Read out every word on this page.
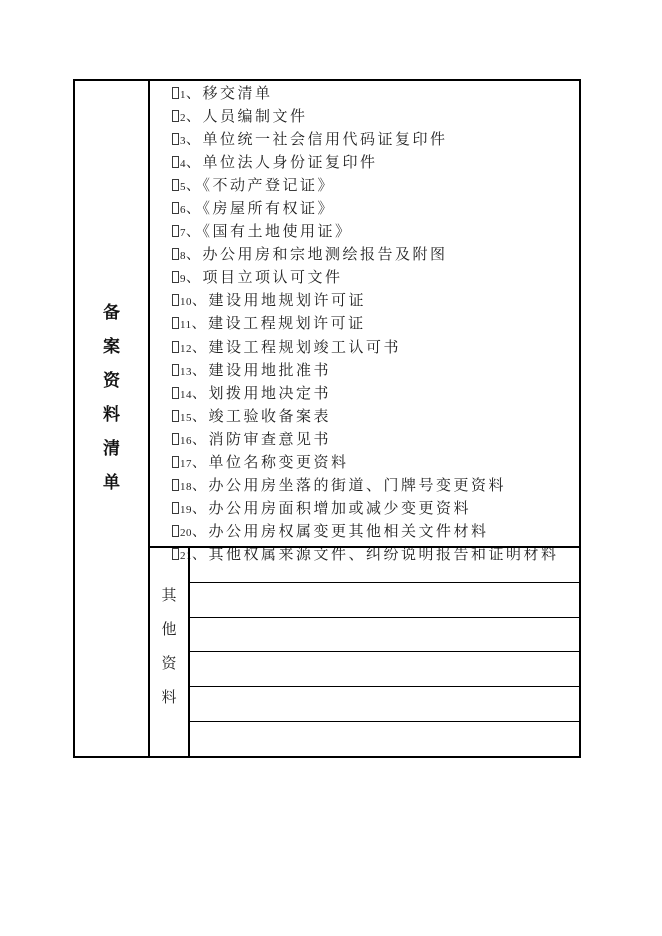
备
案
资
料
清
单
1、移交清单
2、人员编制文件
3、单位统一社会信用代码证复印件
4、单位法人身份证复印件
5、《不动产登记证》
6、《房屋所有权证》
7、《国有土地使用证》
8、办公用房和宗地测绘报告及附图
9、项目立项认可文件
10、建设用地规划许可证
11、建设工程规划许可证
12、建设工程规划竣工认可书
13、建设用地批准书
14、划拨用地决定书
15、竣工验收备案表
16、消防审查意见书
17、单位名称变更资料
18、办公用房坐落的街道、门牌号变更资料
19、办公用房面积增加或减少变更资料
20、办公用房权属变更其他相关文件材料
21、其他权属来源文件、纠纷说明报告和证明材料
其
他
资
料
